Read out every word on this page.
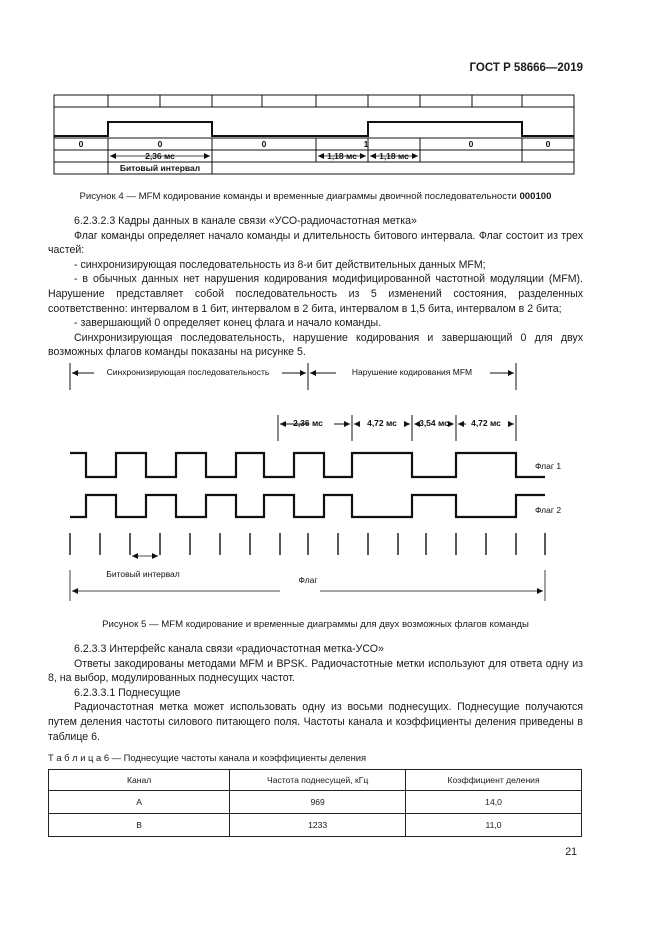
ГОСТ Р 58666—2019
0	0	0	1	0	0
2,36 мс	1,18 мс	1,18 мс
Битовый интервал
Рисунок 4 — MFM кодирование команды и временные диаграммы двоичной последовательности 000100
6.2.3.2.3 Кадры данных в канале связи «УСО-радиочастотная метка»
Флаг команды определяет начало команды и длительность битового интервала. Флаг состоит из трех частей:
- синхронизирующая последовательность из 8-и бит действительных данных MFM;
- в обычных данных нет нарушения кодирования модифицированной частотной модуляции (MFM). Нарушение представляет собой последовательность из 5 изменений состояния, разделенных соответственно: интервалом в 1 бит, интервалом в 2 бита, интервалом в 1,5 бита, интервалом в 2 бита;
- завершающий 0 определяет конец флага и начало команды.
Синхронизирующая последовательность, нарушение кодирования и завершающий 0 для двух возможных флагов команды показаны на рисунке 5.
Синхронизирующая последовательность	Нарушение кодирования MFM
2,36 мс	4,72 мс	3,54 мс	4,72 мс
Флаг 1
Флаг 2
Битовый интервал
Флаг
Рисунок 5 — MFM кодирование и временные диаграммы для двух возможных флагов команды
6.2.3.3 Интерфейс канала связи «радиочастотная метка-УСО»
Ответы закодированы методами MFM и BPSK. Радиочастотные метки используют для ответа одну из 8, на выбор, модулированных поднесущих частот.
6.2.3.3.1 Поднесущие
Радиочастотная метка может использовать одну из восьми поднесущих. Поднесущие получаются путем деления частоты силового питающего поля. Частоты канала и коэффициенты деления приведены в таблице 6.
Т а б л и ц а 6 — Поднесущие частоты канала и коэффициенты деления
Канал	Частота поднесущей, кГц	Коэффициент деления
A	969	14,0
B	1233	11,0
21
